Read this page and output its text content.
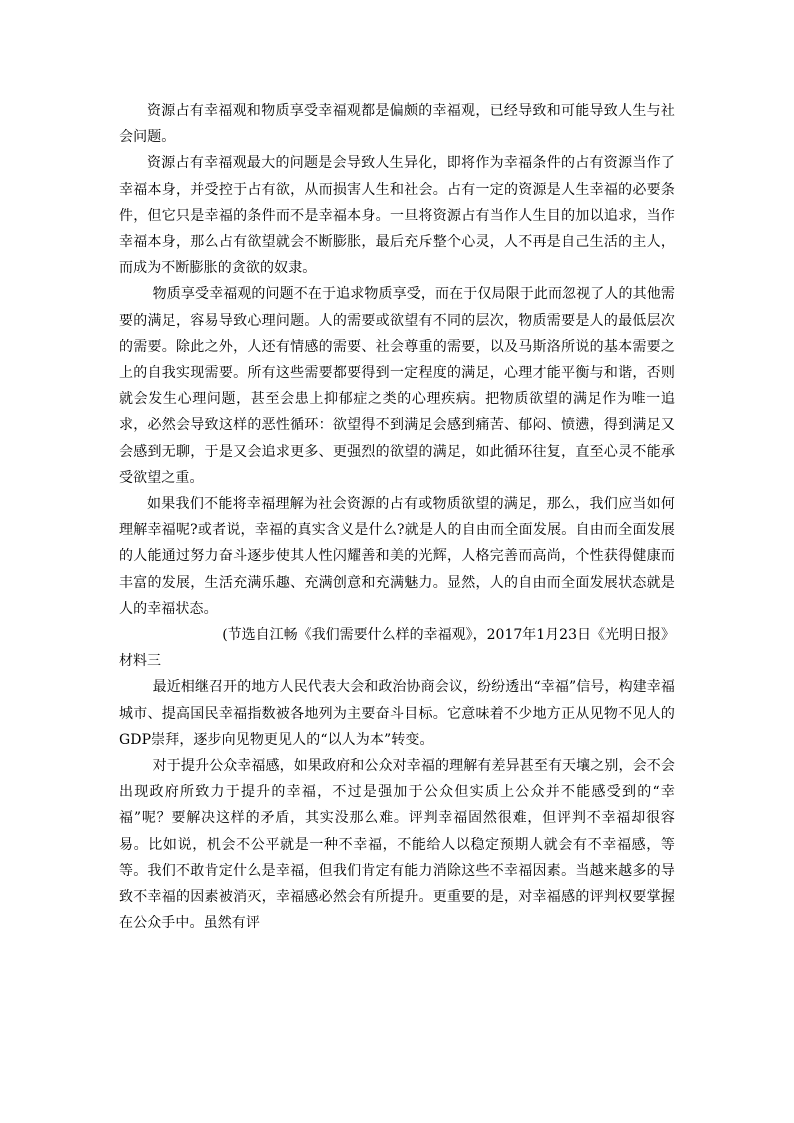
资源占有幸福观和物质享受幸福观都是偏颇的幸福观，已经导致和可能导致人生与社会问题。

资源占有幸福观最大的问题是会导致人生异化，即将作为幸福条件的占有资源当作了幸福本身，并受控于占有欲，从而损害人生和社会。占有一定的资源是人生幸福的必要条件，但它只是幸福的条件而不是幸福本身。一旦将资源占有当作人生目的加以追求，当作幸福本身，那么占有欲望就会不断膨胀，最后充斥整个心灵，人不再是自己生活的主人，而成为不断膨胀的贪欲的奴隶。

物质享受幸福观的问题不在于追求物质享受，而在于仅局限于此而忽视了人的其他需要的满足，容易导致心理问题。人的需要或欲望有不同的层次，物质需要是人的最低层次的需要。除此之外，人还有情感的需要、社会尊重的需要，以及马斯洛所说的基本需要之上的自我实现需要。所有这些需要都要得到一定程度的满足，心理才能平衡与和谐，否则就会发生心理问题，甚至会患上抑郁症之类的心理疾病。把物质欲望的满足作为唯一追求，必然会导致这样的恶性循环：欲望得不到满足会感到痛苦、郁闷、愤懑，得到满足又会感到无聊，于是又会追求更多、更强烈的欲望的满足，如此循环往复，直至心灵不能承受欲望之重。

如果我们不能将幸福理解为社会资源的占有或物质欲望的满足，那么，我们应当如何理解幸福呢?或者说，幸福的真实含义是什么?就是人的自由而全面发展。自由而全面发展的人能通过努力奋斗逐步使其人性闪耀善和美的光辉，人格完善而高尚，个性获得健康而丰富的发展，生活充满乐趣、充满创意和充满魅力。显然，人的自由而全面发展状态就是人的幸福状态。

(节选自江畅《我们需要什么样的幸福观》，2017年1月23日《光明日报》

材料三

最近相继召开的地方人民代表大会和政治协商会议，纷纷透出“幸福”信号，构建幸福城市、提高国民幸福指数被各地列为主要奋斗目标。它意味着不少地方正从见物不见人的GDP崇拜，逐步向见物更见人的“以人为本”转变。

对于提升公众幸福感，如果政府和公众对幸福的理解有差异甚至有天壤之别，会不会出现政府所致力于提升的幸福，不过是强加于公众但实质上公众并不能感受到的“幸福”呢？要解决这样的矛盾，其实没那么难。评判幸福固然很难，但评判不幸福却很容易。比如说，机会不公平就是一种不幸福，不能给人以稳定预期人就会有不幸福感，等等。我们不敢肯定什么是幸福，但我们肯定有能力消除这些不幸福因素。当越来越多的导致不幸福的因素被消灭，幸福感必然会有所提升。更重要的是，对幸福感的评判权要掌握在公众手中。虽然有评
